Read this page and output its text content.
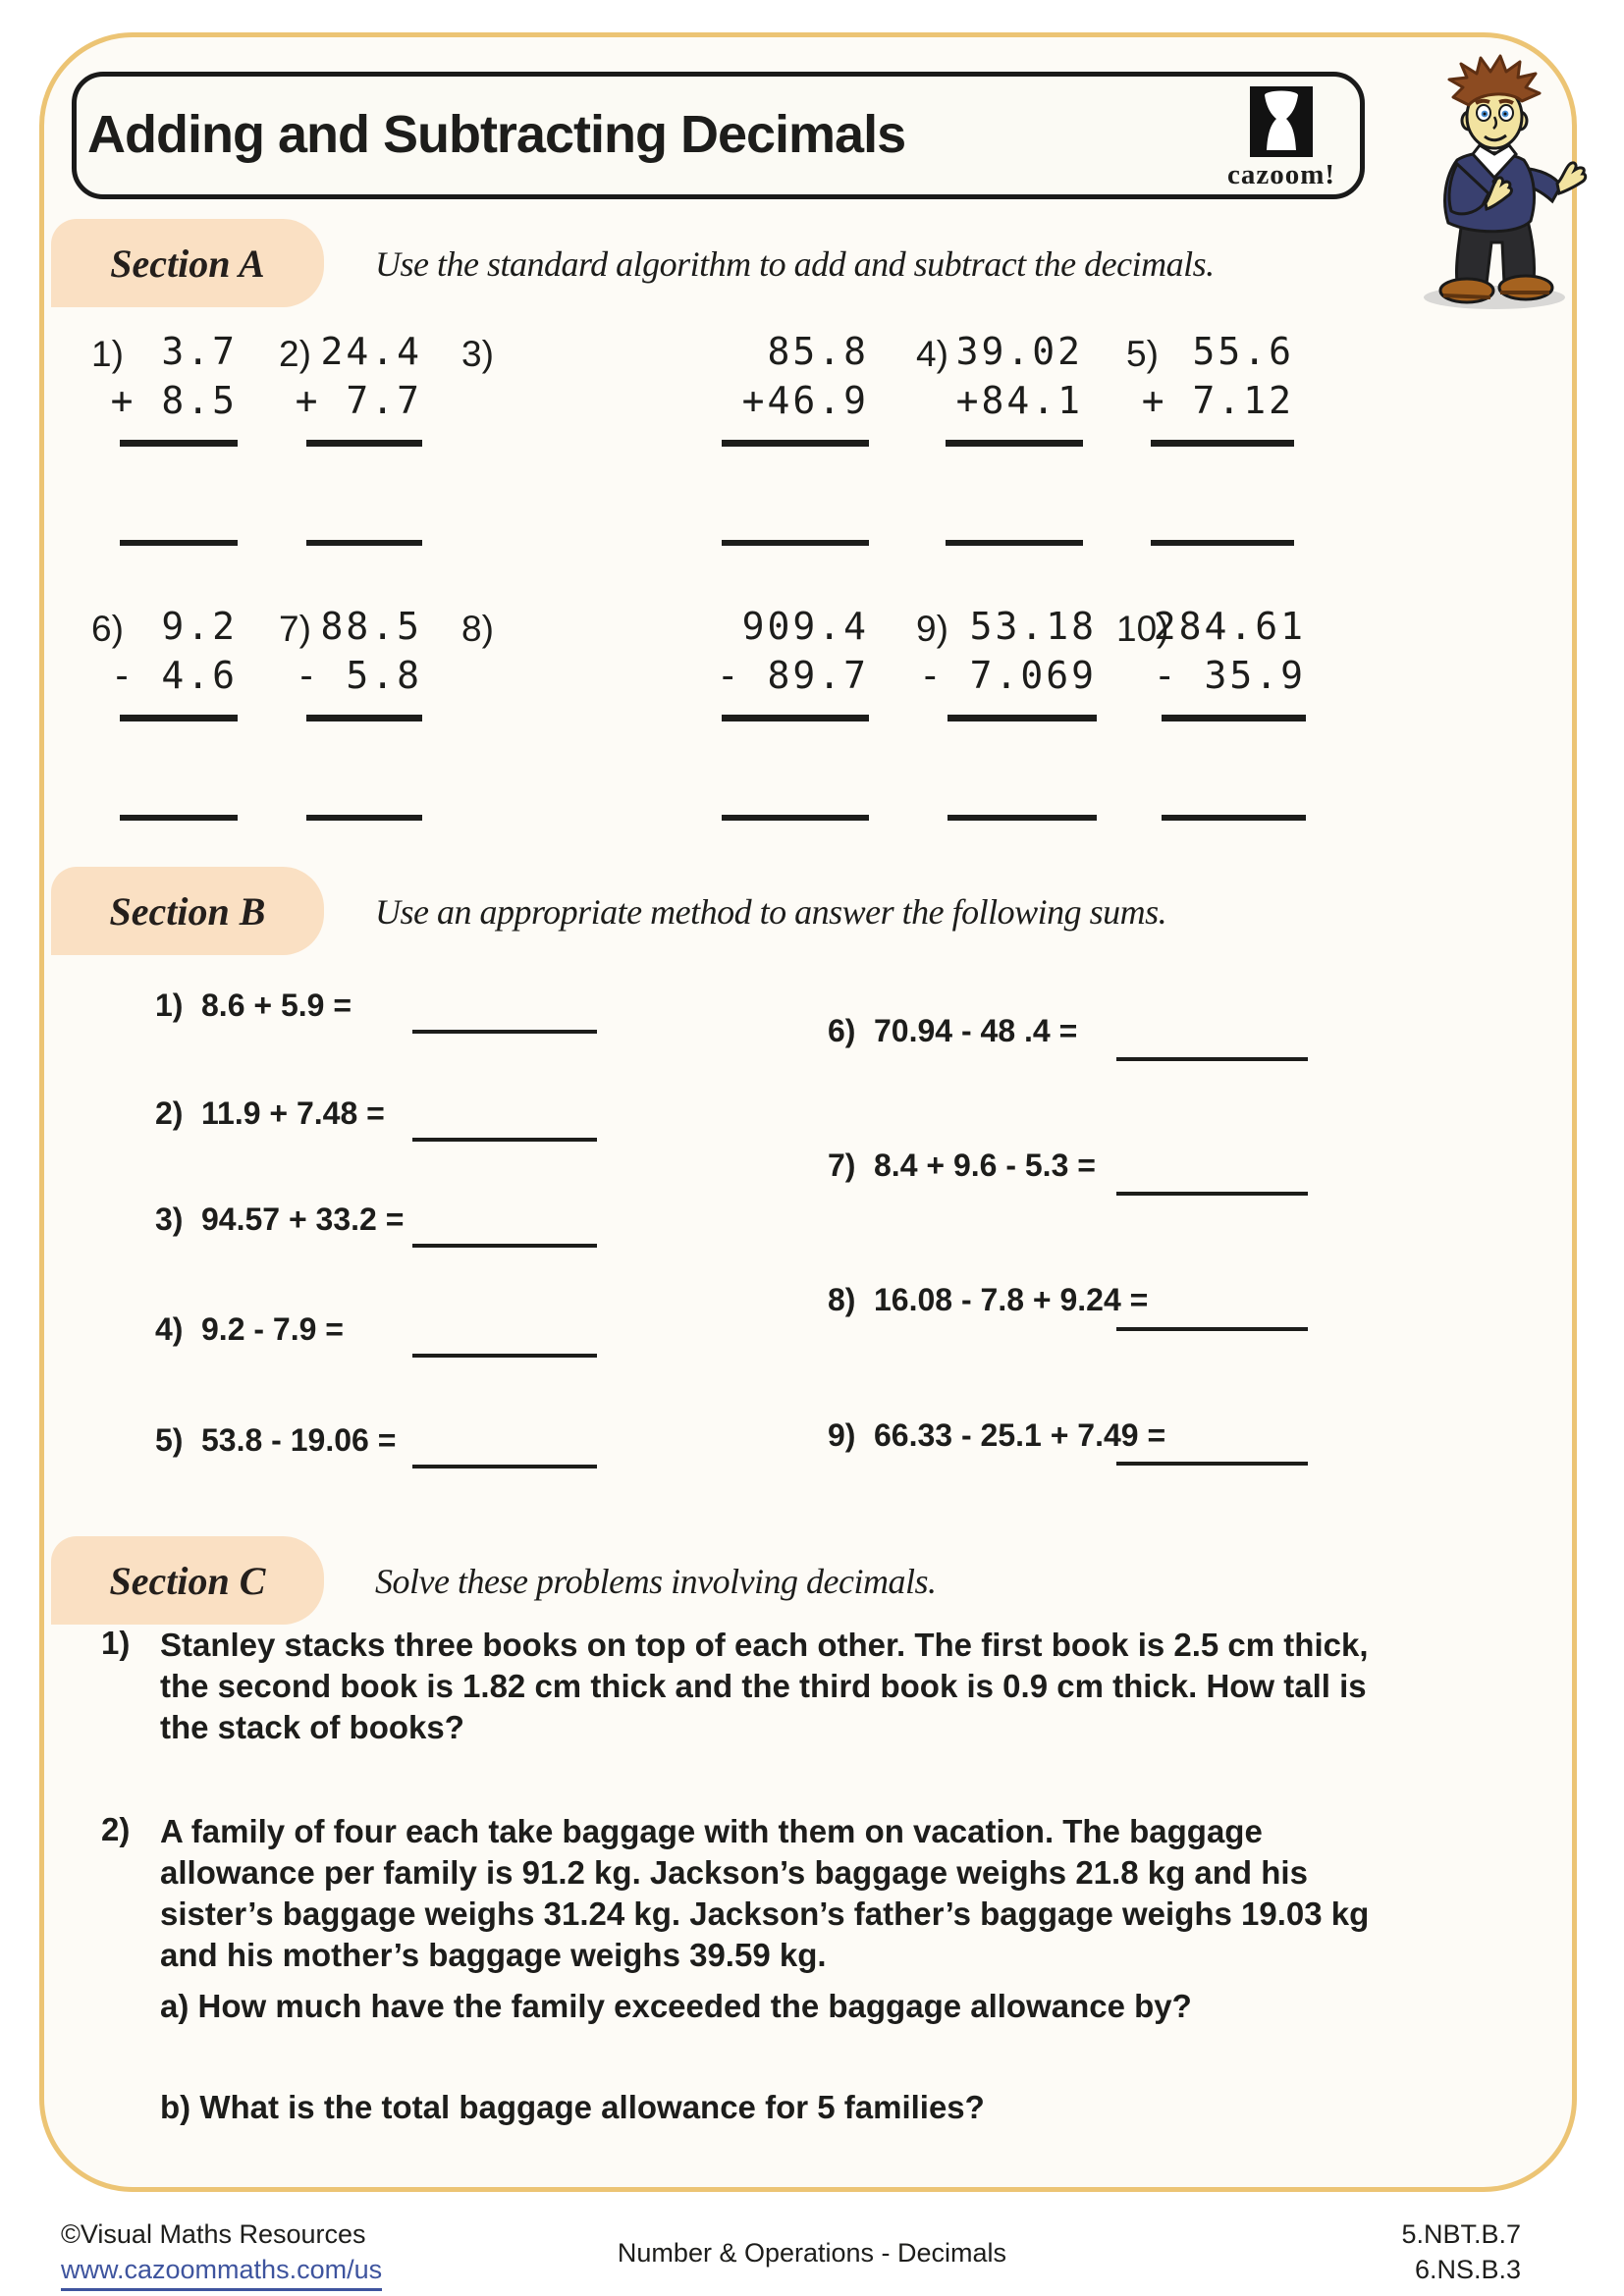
Adding and Subtracting Decimals
cazoom!
Section A	Use the standard algorithm to add and subtract the decimals.
1) 3.7
+ 8.5
2) 24.4
+ 7.7
3)	85.8
+46.9
4) 39.02
+84.1
5) 55.6
+ 7.12
6) 9.2
- 4.6
7) 88.5
- 5.8
8)	909.4
- 89.7
9) 53.18
- 7.069
10)
284.61
- 35.9
Section B	Use an appropriate method to answer the following sums.
1) 8.6 + 5.9 =
2) 11.9 + 7.48 =
3) 94.57 + 33.2 =
4) 9.2 - 7.9 =
5) 53.8 - 19.06 =
6) 70.94 - 48 .4 =
7) 8.4 + 9.6 - 5.3 =
8) 16.08 - 7.8 + 9.24 =
9) 66.33 - 25.1 + 7.49 =
Section C	Solve these problems involving decimals.
1) Stanley stacks three books on top of each other. The first book is 2.5 cm thick,
the second book is 1.82 cm thick and the third book is 0.9 cm thick. How tall is
the stack of books?
2) A family of four each take baggage with them on vacation. The baggage
allowance per family is 91.2 kg. Jackson’s baggage weighs 21.8 kg and his
sister’s baggage weighs 31.24 kg. Jackson’s father’s baggage weighs 19.03 kg
and his mother’s baggage weighs 39.59 kg.
a) How much have the family exceeded the baggage allowance by?
b) What is the total baggage allowance for 5 families?
©Visual Maths Resources
www.cazoommaths.com/us
Number & Operations - Decimals
5.NBT.B.7
6.NS.B.3
